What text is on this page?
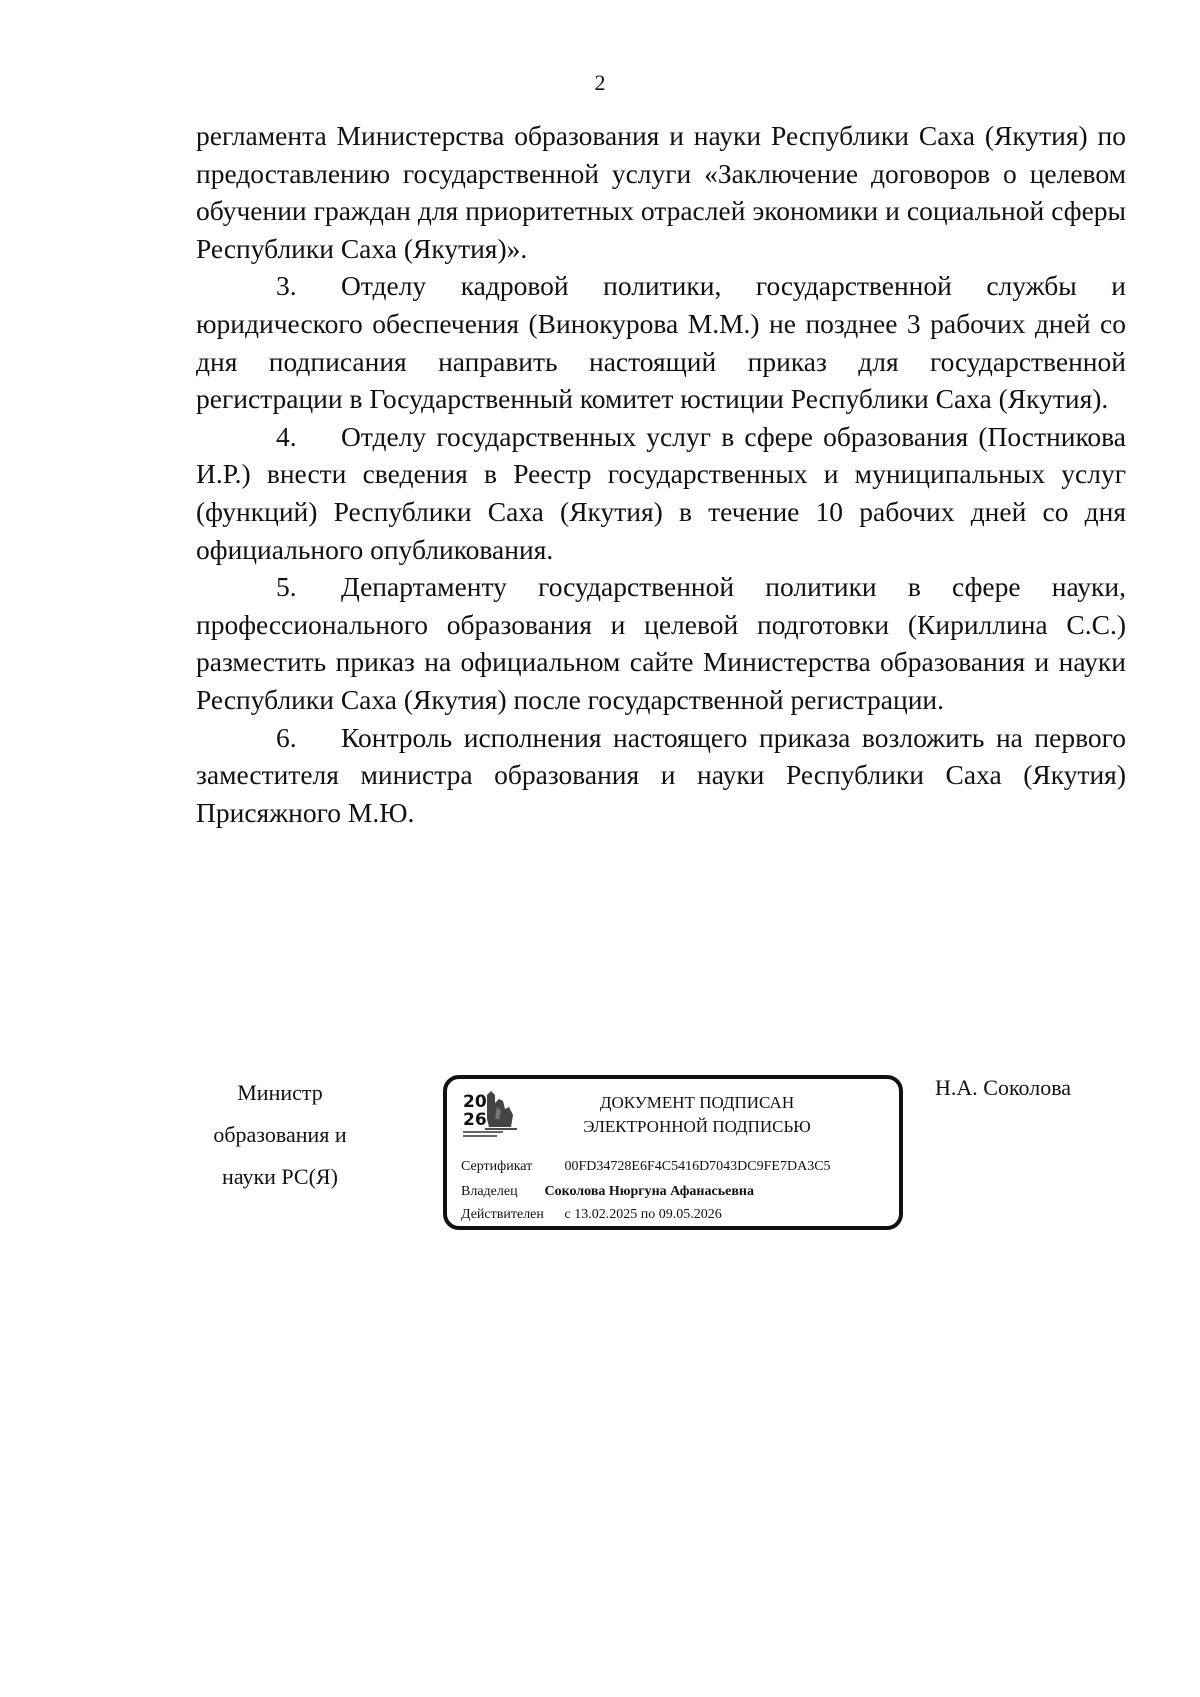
2

регламента Министерства образования и науки Республики Саха (Якутия) по предоставлению государственной услуги «Заключение договоров о целевом обучении граждан для приоритетных отраслей экономики и социальной сферы Республики Саха (Якутия)».

3. Отделу кадровой политики, государственной службы и юридического обеспечения (Винокурова М.М.) не позднее 3 рабочих дней со дня подписания направить настоящий приказ для государственной регистрации в Государственный комитет юстиции Республики Саха (Якутия).

4. Отделу государственных услуг в сфере образования (Постникова И.Р.) внести сведения в Реестр государственных и муниципальных услуг (функций) Республики Саха (Якутия) в течение 10 рабочих дней со дня официального опубликования.

5. Департаменту государственной политики в сфере науки, профессионального образования и целевой подготовки (Кириллина С.С.) разместить приказ на официальном сайте Министерства образования и науки Республики Саха (Якутия) после государственной регистрации.

6. Контроль исполнения настоящего приказа возложить на первого заместителя министра образования и науки Республики Саха (Якутия) Присяжного М.Ю.

Министр
образования и
науки РС(Я)
20
26
ДОКУМЕНТ ПОДПИСАН
ЭЛЕКТРОННОЙ ПОДПИСЬЮ
Сертификат 00FD34728E6F4C5416D7043DC9FE7DA3C5
Владелец Соколова Нюргуна Афанасьевна
Действителен с 13.02.2025 по 09.05.2026
Н.А. Соколова
